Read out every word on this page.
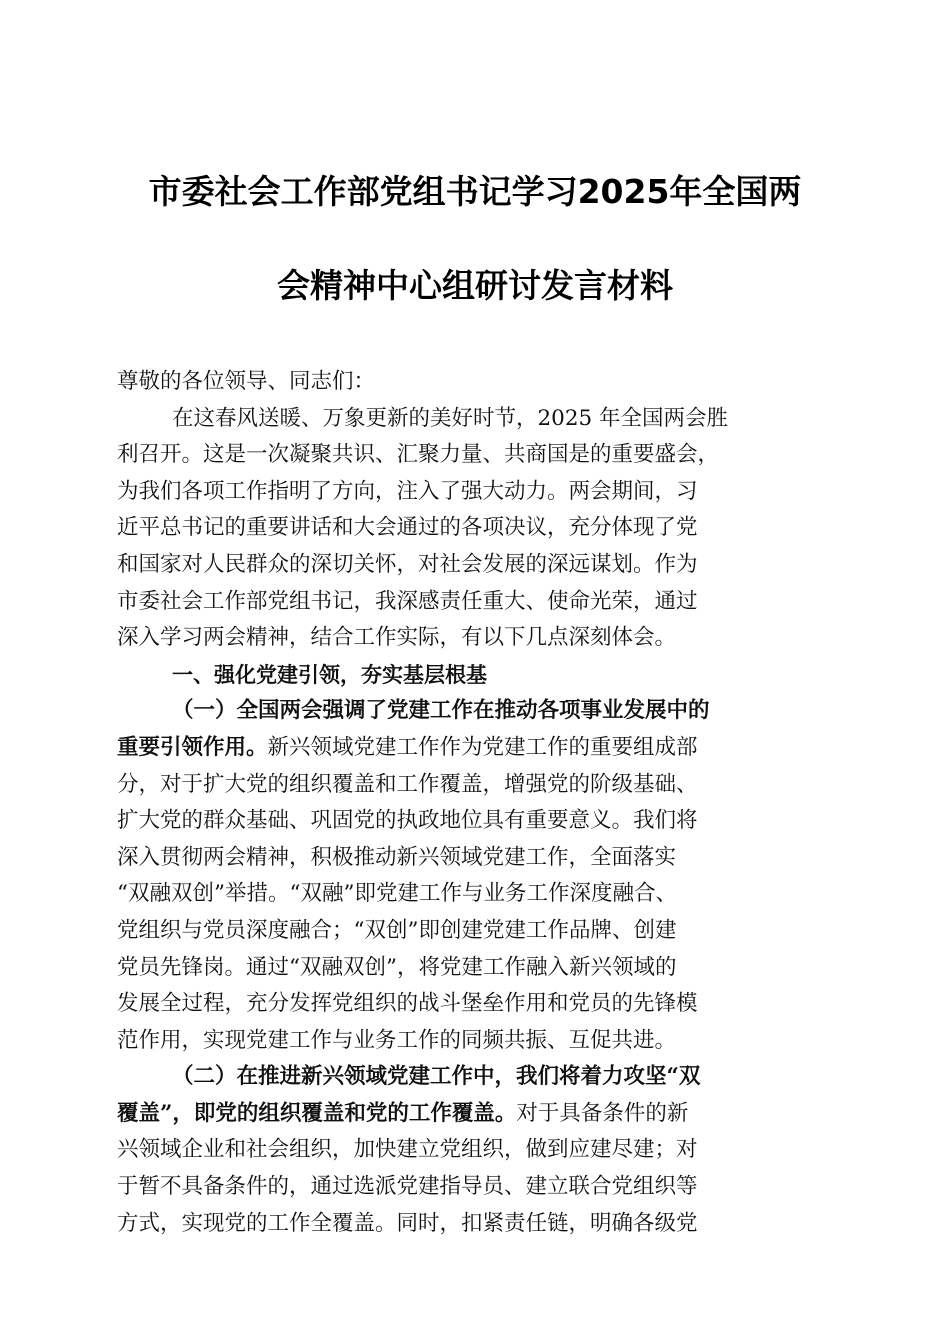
市委社会工作部党组书记学习2025年全国两
会精神中心组研讨发言材料
尊敬的各位领导、同志们：
在这春风送暖、万象更新的美好时节，2025 年全国两会胜
利召开。这是一次凝聚共识、汇聚力量、共商国是的重要盛会，
为我们各项工作指明了方向，注入了强大动力。两会期间，习
近平总书记的重要讲话和大会通过的各项决议，充分体现了党
和国家对人民群众的深切关怀，对社会发展的深远谋划。作为
市委社会工作部党组书记，我深感责任重大、使命光荣，通过
深入学习两会精神，结合工作实际，有以下几点深刻体会。
一、强化党建引领，夯实基层根基
（一）全国两会强调了党建工作在推动各项事业发展中的
重要引领作用。新兴领域党建工作作为党建工作的重要组成部
分，对于扩大党的组织覆盖和工作覆盖，增强党的阶级基础、
扩大党的群众基础、巩固党的执政地位具有重要意义。我们将
深入贯彻两会精神，积极推动新兴领域党建工作，全面落实
“双融双创”举措。“双融”即党建工作与业务工作深度融合、
党组织与党员深度融合；“双创”即创建党建工作品牌、创建
党员先锋岗。通过“双融双创”，将党建工作融入新兴领域的
发展全过程，充分发挥党组织的战斗堡垒作用和党员的先锋模
范作用，实现党建工作与业务工作的同频共振、互促共进。
（二）在推进新兴领域党建工作中，我们将着力攻坚“双
覆盖”，即党的组织覆盖和党的工作覆盖。对于具备条件的新
兴领域企业和社会组织，加快建立党组织，做到应建尽建；对
于暂不具备条件的，通过选派党建指导员、建立联合党组织等
方式，实现党的工作全覆盖。同时，扣紧责任链，明确各级党
